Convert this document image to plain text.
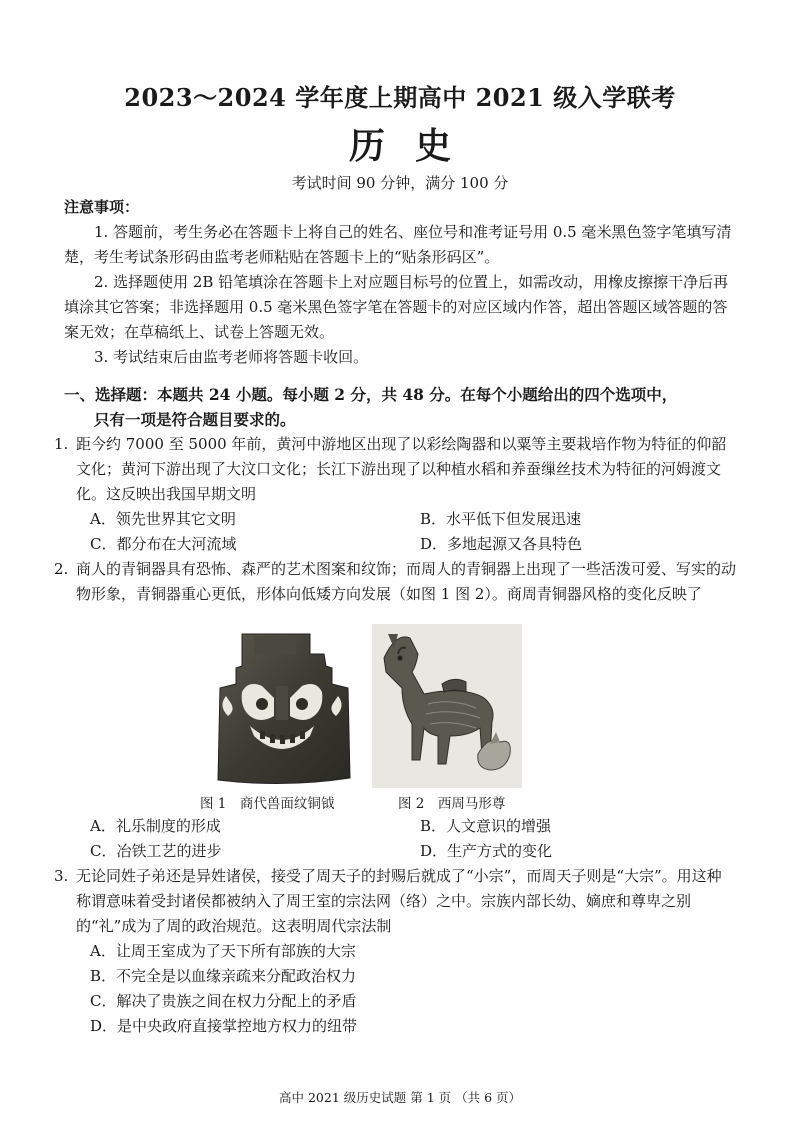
2023～2024 学年度上期高中 2021 级入学联考
历史
考试时间 90 分钟，满分 100 分
注意事项：

1. 答题前，考生务必在答题卡上将自己的姓名、座位号和准考证号用 0.5 毫米黑色签字笔填写清楚，考生考试条形码由监考老师粘贴在答题卡上的“贴条形码区”。

2. 选择题使用 2B 铅笔填涂在答题卡上对应题目标号的位置上，如需改动，用橡皮擦擦干净后再填涂其它答案；非选择题用 0.5 毫米黑色签字笔在答题卡的对应区域内作答，超出答题区域答题的答案无效；在草稿纸上、试卷上答题无效。

3. 考试结束后由监考老师将答题卡收回。

一、选择题：本题共 24 小题。每小题 2 分，共 48 分。在每个小题给出的四个选项中，
只有一项是符合题目要求的。

1. 距今约 7000 至 5000 年前，黄河中游地区出现了以彩绘陶器和以粟等主要栽培作物为特征的仰韶文化；黄河下游出现了大汶口文化；长江下游出现了以种植水稻和养蚕缫丝技术为特征的河姆渡文化。这反映出我国早期文明

A．领先世界其它文明	B．水平低下但发展迅速
C．都分布在大河流域	D．多地起源又各具特色

2. 商人的青铜器具有恐怖、森严的艺术图案和纹饰；而周人的青铜器上出现了一些活泼可爱、写实的动物形象，青铜器重心更低，形体向低矮方向发展（如图 1 图 2）。商周青铜器风格的变化反映了

图 1　商代兽面纹铜钺	图 2　西周马形尊
A．礼乐制度的形成	B．人文意识的增强
C．冶铁工艺的进步	D．生产方式的变化

3. 无论同姓子弟还是异姓诸侯，接受了周天子的封赐后就成了“小宗”，而周天子则是“大宗”。用这种称谓意味着受封诸侯都被纳入了周王室的宗法网（络）之中。宗族内部长幼、嫡庶和尊卑之别的“礼”成为了周的政治规范。这表明周代宗法制

A．让周王室成为了天下所有部族的大宗
B．不完全是以血缘亲疏来分配政治权力
C．解决了贵族之间在权力分配上的矛盾
D．是中央政府直接掌控地方权力的纽带
高中 2021 级历史试题 第 1 页 （共 6 页）
